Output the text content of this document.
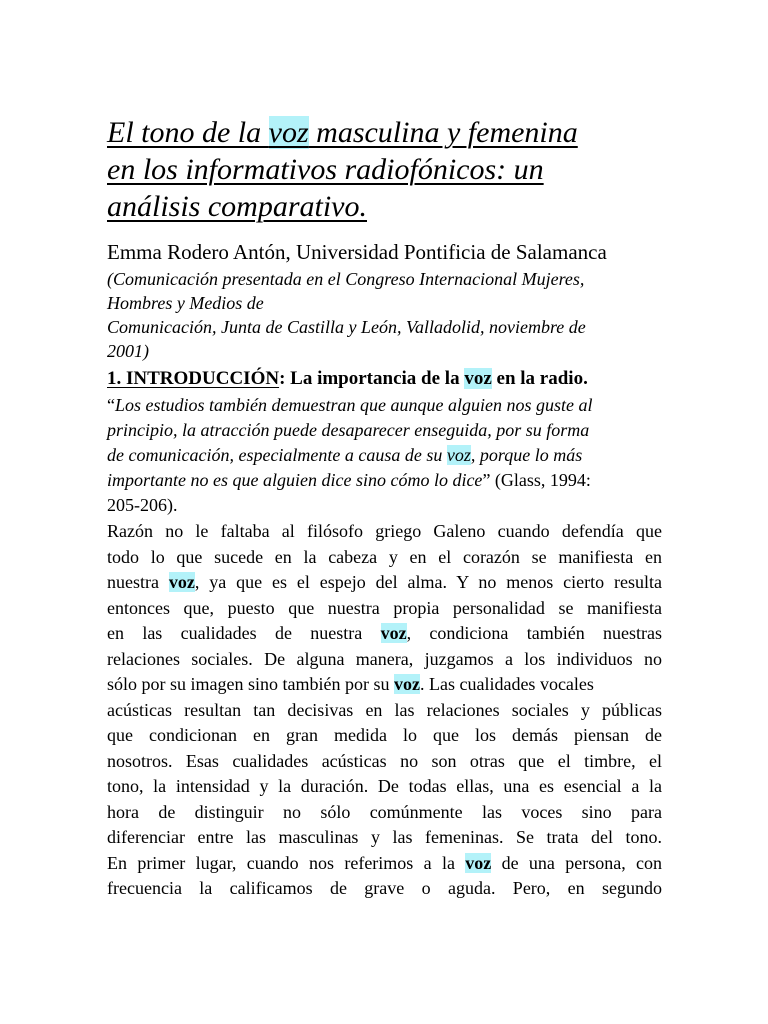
El tono de la voz masculina y femenina
en los informativos radiofónicos: un
análisis comparativo.
Emma Rodero Antón, Universidad Pontificia de Salamanca
(Comunicación presentada en el Congreso Internacional Mujeres,
Hombres y Medios de
Comunicación, Junta de Castilla y León, Valladolid, noviembre de
2001)
1. INTRODUCCIÓN: La importancia de la voz en la radio.
“Los estudios también demuestran que aunque alguien nos guste al
principio, la atracción puede desaparecer enseguida, por su forma
de comunicación, especialmente a causa de su voz, porque lo más
importante no es que alguien dice sino cómo lo dice” (Glass, 1994:
205-206).
Razón no le faltaba al filósofo griego Galeno cuando defendía que
todo lo que sucede en la cabeza y en el corazón se manifiesta en
nuestra voz, ya que es el espejo del alma. Y no menos cierto resulta
entonces que, puesto que nuestra propia personalidad se manifiesta
en las cualidades de nuestra voz, condiciona también nuestras
relaciones sociales. De alguna manera, juzgamos a los individuos no
sólo por su imagen sino también por su voz. Las cualidades vocales
acústicas resultan tan decisivas en las relaciones sociales y públicas
que condicionan en gran medida lo que los demás piensan de
nosotros. Esas cualidades acústicas no son otras que el timbre, el
tono, la intensidad y la duración. De todas ellas, una es esencial a la
hora de distinguir no sólo comúnmente las voces sino para
diferenciar entre las masculinas y las femeninas. Se trata del tono.
En primer lugar, cuando nos referimos a la voz de una persona, con
frecuencia la calificamos de grave o aguda. Pero, en segundo
